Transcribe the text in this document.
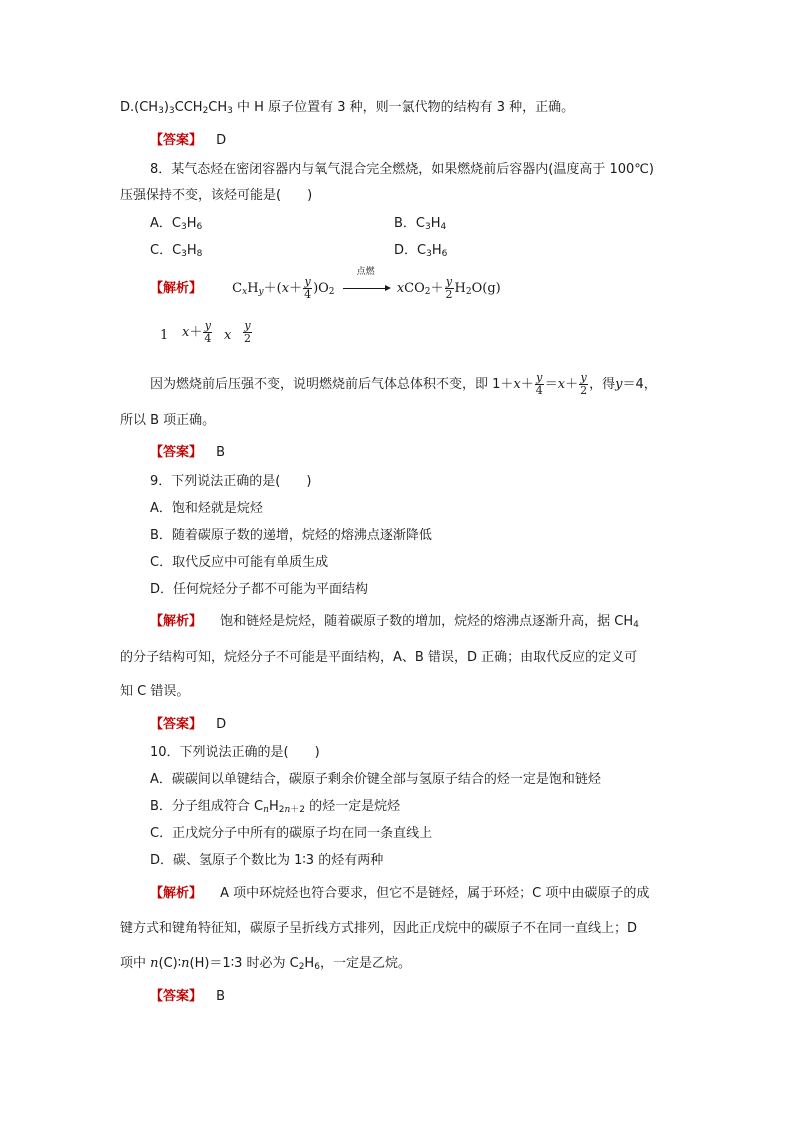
$D.(CH_3)_3CCH_2CH_3$ 中 H 原子位置有 3 种，则一氯代物的结构有 3 种，正确。
【答案】 D
8．某气态烃在密闭容器内与氧气混合完全燃烧，如果燃烧前后容器内(温度高于 100℃)
压强保持不变，该烃可能是(　　)
A．$C_3H_6$	B．$C_3H_4$
C．$C_3H_8$	D．$C_3H_6$
【解析】 $C_xH_y+(x+ \frac{y}{4} )O_2$
点燃
$xCO_2+ \frac{y}{2} H_2O(g)$
1 $x+ \frac{y}{4}$ x $\frac{y}{2}$
因为燃烧前后压强不变，说明燃烧前后气体总体积不变，即 $1+x+ \frac{y}{4} =x+ \frac{y}{2}$ ，得y＝4，
所以 B 项正确。
【答案】 B
9．下列说法正确的是(　　)
A．饱和烃就是烷烃
B．随着碳原子数的递增，烷烃的熔沸点逐渐降低
C．取代反应中可能有单质生成
D．任何烷烃分子都不可能为平面结构
【解析】 饱和链烃是烷烃，随着碳原子数的增加，烷烃的熔沸点逐渐升高，据 $CH_4$
的分子结构可知，烷烃分子不可能是平面结构，A、B 错误，D 正确；由取代反应的定义可
知 C 错误。
【答案】 D
10．下列说法正确的是(　　)
A．碳碳间以单键结合，碳原子剩余价键全部与氢原子结合的烃一定是饱和链烃
B．分子组成符合 $C_nH_{2n+2}$ 的烃一定是烷烃
C．正戊烷分子中所有的碳原子均在同一条直线上
D．碳、氢原子个数比为 1∶3 的烃有两种
【解析】 A 项中环烷烃也符合要求，但它不是链烃，属于环烃；C 项中由碳原子的成
键方式和键角特征知，碳原子呈折线方式排列，因此正戊烷中的碳原子不在同一直线上；D
项中 n(C)∶n(H)＝1∶3 时必为 $C_2H_6$，一定是乙烷。
【答案】 B
